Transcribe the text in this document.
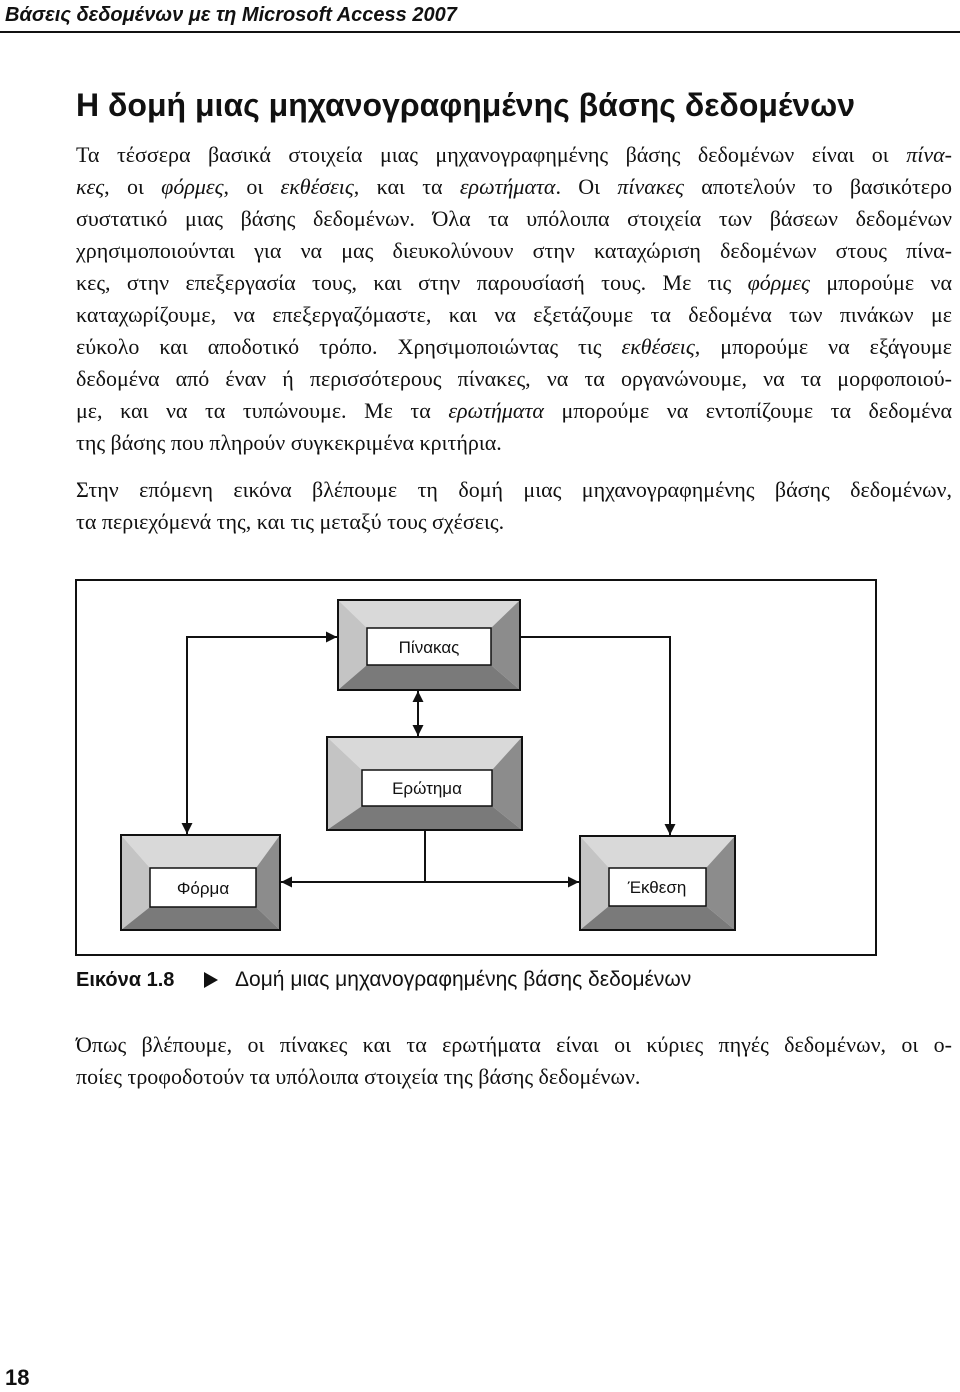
Βάσεις δεδομένων με τη Microsoft Access 2007
Η δομή μιας μηχανογραφημένης βάσης δεδομένων
Τα τέσσερα βασικά στοιχεία μιας μηχανογραφημένης βάσης δεδομένων είναι οι πίνα-
κες, οι φόρμες, οι εκθέσεις, και τα ερωτήματα. Οι πίνακες αποτελούν το βασικότερο
συστατικό μιας βάσης δεδομένων. Όλα τα υπόλοιπα στοιχεία των βάσεων δεδομένων
χρησιμοποιούνται για να μας διευκολύνουν στην καταχώριση δεδομένων στους πίνα-
κες, στην επεξεργασία τους, και στην παρουσίασή τους. Με τις φόρμες μπορούμε να
καταχωρίζουμε, να επεξεργαζόμαστε, και να εξετάζουμε τα δεδομένα των πινάκων με
εύκολο και αποδοτικό τρόπο. Χρησιμοποιώντας τις εκθέσεις, μπορούμε να εξάγουμε
δεδομένα από έναν ή περισσότερους πίνακες, να τα οργανώνουμε, να τα μορφοποιού-
με, και να τα τυπώνουμε. Με τα ερωτήματα μπορούμε να εντοπίζουμε τα δεδομένα
της βάσης που πληρούν συγκεκριμένα κριτήρια.
Στην επόμενη εικόνα βλέπουμε τη δομή μιας μηχανογραφημένης βάσης δεδομένων,
τα περιεχόμενά της, και τις μεταξύ τους σχέσεις.
Πίνακας
Ερώτημα
Φόρμα	Έκθεση
Εικόνα 1.8	Δομή μιας μηχανογραφημένης βάσης δεδομένων
Όπως βλέπουμε, οι πίνακες και τα ερωτήματα είναι οι κύριες πηγές δεδομένων, οι ο-
ποίες τροφοδοτούν τα υπόλοιπα στοιχεία της βάσης δεδομένων.
18
